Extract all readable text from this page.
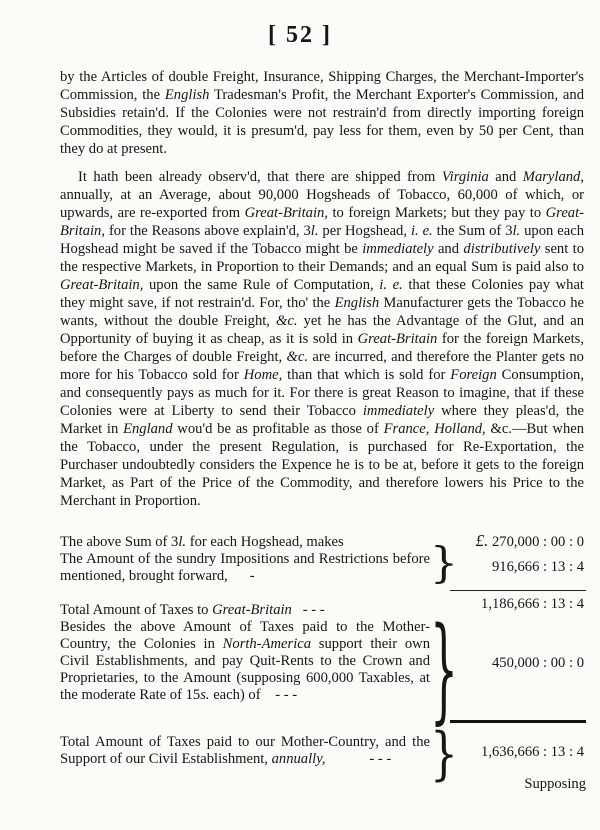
[ 52 ]

by the Articles of double Freight, Insurance, Shipping Charges, the Merchant-Importer's Commission, the English Tradesman's Profit, the Merchant Exporter's Commission, and Subsidies retain'd. If the Colonies were not restrain'd from directly importing foreign Commodities, they would, it is presum'd, pay less for them, even by 50 per Cent, than they do at present.

It hath been already observ'd, that there are shipped from Virginia and Maryland, annually, at an Average, about 90,000 Hogsheads of Tobacco, 60,000 of which, or upwards, are re-exported from Great-Britain, to foreign Markets; but they pay to Great-Britain, for the Reasons above explain'd, 3l. per Hogshead, i. e. the Sum of 3l. upon each Hogshead might be saved if the Tobacco might be immediately and distributively sent to the respective Markets, in Proportion to their Demands; and an equal Sum is paid also to Great-Britain, upon the same Rule of Computation, i. e. that these Colonies pay what they might save, if not restrain'd. For, tho' the English Manufacturer gets the Tobacco he wants, without the double Freight, &c. yet he has the Advantage of the Glut, and an Opportunity of buying it as cheap, as it is sold in Great-Britain for the foreign Markets, before the Charges of double Freight, &c. are incurred, and therefore the Planter gets no more for his Tobacco sold for Home, than that which is sold for Foreign Consumption, and consequently pays as much for it. For there is great Reason to imagine, that if these Colonies were at Liberty to send their Tobacco immediately where they pleas'd, the Market in England wou'd be as profitable as those of France, Holland, &c.—But when the Tobacco, under the present Regulation, is purchased for Re-Exportation, the Purchaser undoubtedly considers the Expence he is to be at, before it gets to the foreign Market, as Part of the Price of the Commodity, and therefore lowers his Price to the Merchant in Proportion.

The above Sum of 3l. for each Hogshead, makes	£. 270,000 : 00 : 0
The Amount of the sundry Impositions and Restrictions before mentioned, brought forward, -	} 916,666 : 13 : 4
Total Amount of Taxes to Great-Britain - - -	1,186,666 : 13 : 4
Besides the above Amount of Taxes paid to the Mother-Country, the Colonies in North-America support their own Civil Establishments, and pay Quit-Rents to the Crown and Proprietaries, to the Amount (supposing 600,000 Taxables, at the moderate Rate of 15s. each) of - - -	} 450,000 : 00 : 0
Total Amount of Taxes paid to our Mother-Country, and the Support of our Civil Establishment, annually,	- - - } 1,636,666 : 13 : 4
Supposing
